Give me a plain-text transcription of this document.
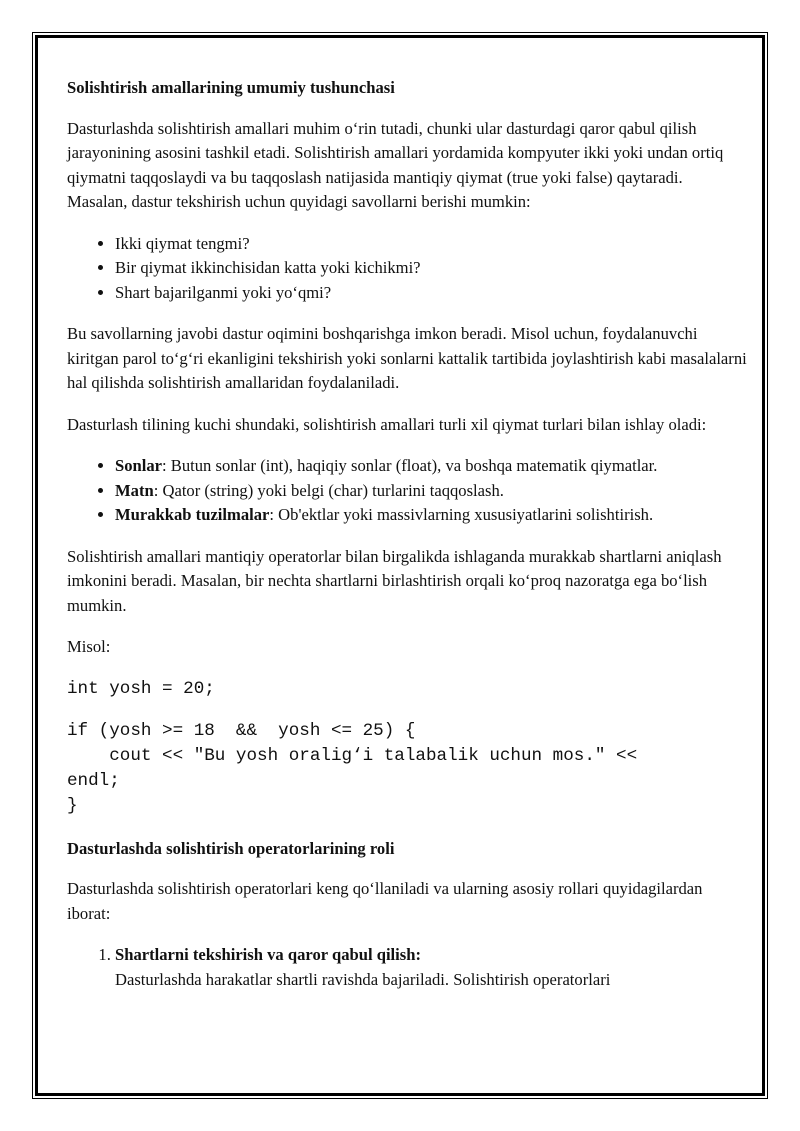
Solishtirish amallarining umumiy tushunchasi

Dasturlashda solishtirish amallari muhim o‘rin tutadi, chunki ular dasturdagi qaror qabul qilish jarayonining asosini tashkil etadi. Solishtirish amallari yordamida kompyuter ikki yoki undan ortiq qiymatni taqqoslaydi va bu taqqoslash natijasida mantiqiy qiymat (true yoki false) qaytaradi. Masalan, dastur tekshirish uchun quyidagi savollarni berishi mumkin:

• Ikki qiymat tengmi?
• Bir qiymat ikkinchisidan katta yoki kichikmi?
• Shart bajarilganmi yoki yo‘qmi?

Bu savollarning javobi dastur oqimini boshqarishga imkon beradi. Misol uchun, foydalanuvchi kiritgan parol to‘g‘ri ekanligini tekshirish yoki sonlarni kattalik tartibida joylashtirish kabi masalalarni hal qilishda solishtirish amallaridan foydalaniladi.

Dasturlash tilining kuchi shundaki, solishtirish amallari turli xil qiymat turlari bilan ishlay oladi:

• Sonlar: Butun sonlar (int), haqiqiy sonlar (float), va boshqa matematik qiymatlar.
• Matn: Qator (string) yoki belgi (char) turlarini taqqoslash.
• Murakkab tuzilmalar: Ob'ektlar yoki massivlarning xususiyatlarini solishtirish.

Solishtirish amallari mantiqiy operatorlar bilan birgalikda ishlaganda murakkab shartlarni aniqlash imkonini beradi. Masalan, bir nechta shartlarni birlashtirish orqali ko‘proq nazoratga ega bo‘lish mumkin.

Misol:

int yosh = 20;
if (yosh >= 18  &&  yosh <= 25) {
cout << "Bu yosh oralig‘i talabalik uchun mos." <<
endl;
}
Dasturlashda solishtirish operatorlarining roli

Dasturlashda solishtirish operatorlari keng qo‘llaniladi va ularning asosiy rollari quyidagilardan iborat:

1. Shartlarni tekshirish va qaror qabul qilish:
Dasturlashda harakatlar shartli ravishda bajariladi. Solishtirish operatorlari
